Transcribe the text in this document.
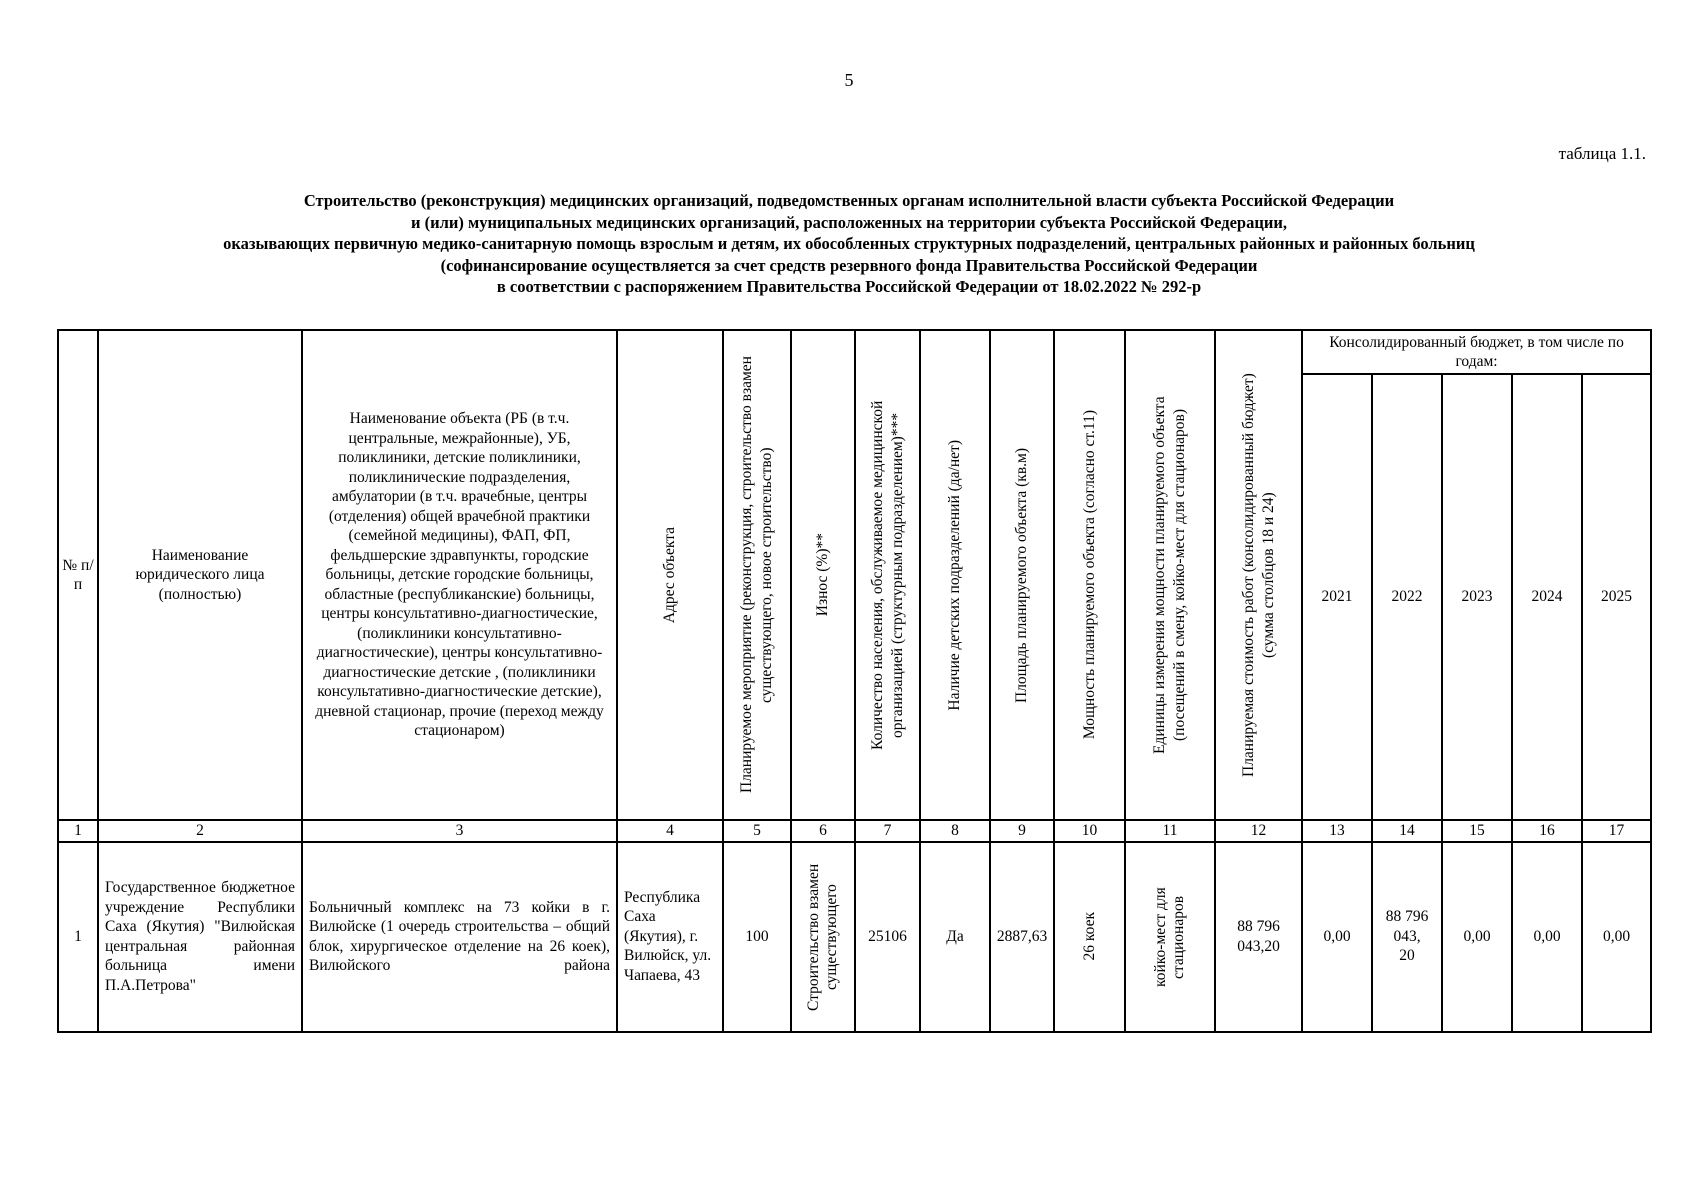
5
таблица 1.1.
Строительство (реконструкция) медицинских организаций, подведомственных органам исполнительной власти субъекта Российской Федерации
и (или) муниципальных медицинских организаций, расположенных на территории субъекта Российской Федерации,
оказывающих первичную медико-санитарную помощь взрослым и детям, их обособленных структурных подразделений, центральных районных и районных больниц
(софинансирование осуществляется за счет средств резервного фонда Правительства Российской Федерации
в соответствии с распоряжением Правительства Российской Федерации от 18.02.2022 № 292-р
№ п/ п	Наименование юридического лица (полностью)	Наименование объекта (РБ (в т.ч. центральные, межрайонные), УБ, поликлиники, детские поликлиники, поликлинические подразделения, амбулатории (в т.ч. врачебные, центры (отделения) общей врачебной практики (семейной медицины), ФАП, ФП, фельдшерские здравпункты, городские больницы, детские городские больницы, областные (республиканские) больницы, центры консультативно-диагностические, (поликлиники консультативно-диагностические), центры консультативно-диагностические детские , (поликлиники консультативно-диагностические детские), дневной стационар, прочие (переход между стационаром)	Адрес объекта	Планируемое мероприятие (реконструкция, строительство взамен существующего, новое строительство)	Износ (%)**	Количество населения, обслуживаемое медицинской организацией (структурным подразделением)***	Наличие детских подразделений (да/нет)	Площадь планируемого объекта (кв.м)	Мощность планируемого объекта (согласно ст.11)	Единицы измерения мощности планируемого объекта (посещений в смену, койко-мест для стационаров)	Планируемая стоимость работ (консолидированный бюджет) (сумма столбцов 18 и 24)	Консолидированный бюджет, в том числе по годам:				
												2021	2022	2023	2024	2025
1	2	3	4	5	6	7	8	9	10	11	12	13	14	15	16	17
1	Государственное бюджетное учреждение Республики Саха (Якутия) "Вилюйская центральная районная больница имени П.А.Петрова"	Больничный комплекс на 73 койки в г. Вилюйске (1 очередь строительства – общий блок, хирургическое отделение на 26 коек), Вилюйского района	Республика Саха (Якутия), г. Вилюйск, ул. Чапаева, 43	100	Строительство взамен существующего	25106	Да	2887,63	26 коек	койко-мест для стационаров	88 796 043,20	0,00	88 796 043, 20	0,00	0,00	0,00
